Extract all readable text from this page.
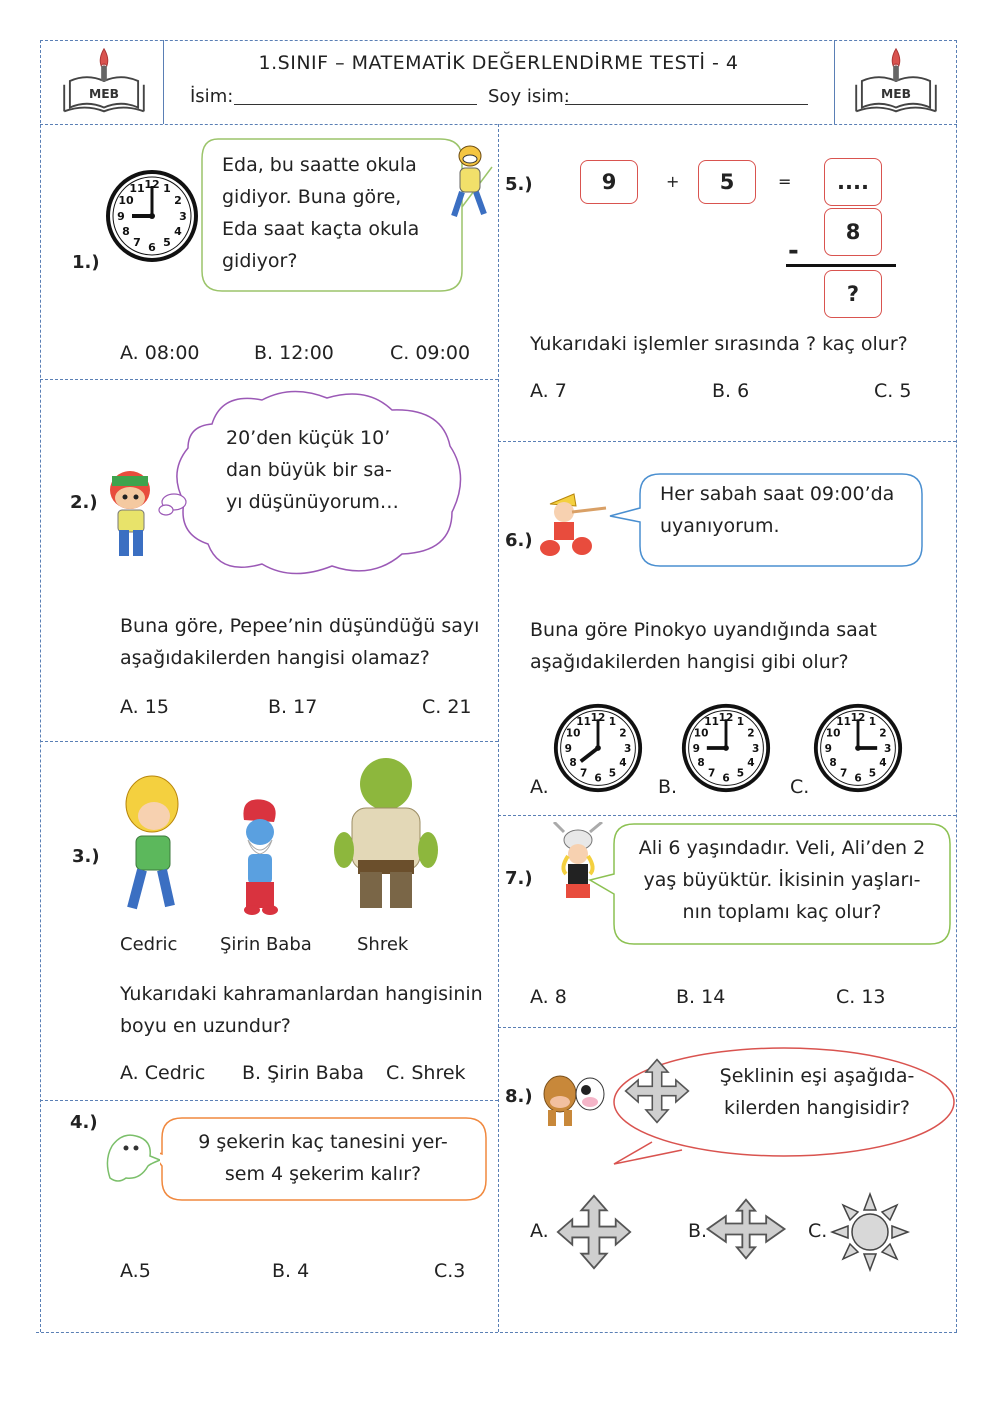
MEB	MEB
1.SINIF – MATEMATİK DEĞERLENDİRME TESTİ - 4
İsim:	Soy isim:
1.)
Eda, bu saatte okula
gidiyor. Buna göre,
Eda saat kaçta okula
gidiyor?
A. 08:00	B. 12:00	C. 09:00
2.)
20’den küçük 10’
dan büyük bir sa-
yı düşünüyorum…
Buna göre, Pepee’nin düşündüğü sayı
aşağıdakilerden hangisi olamaz?
A. 15	B. 17	C. 21
3.)
Cedric Şirin Baba	Shrek
Yukarıdaki kahramanlardan hangisinin
boyu en uzundur?
A. Cedric B. Şirin Baba C. Shrek
4.)
9 şekerin kaç tanesini yer-
sem 4 şekerim kalır?
A.5	B. 4	C.3
5.)	9	+	5	=	....
8
-
?
Yukarıdaki işlemler sırasında ? kaç olur?
A. 7	B. 6	C. 5
6.)
Her sabah saat 09:00’da
uyanıyorum.
Buna göre Pinokyo uyandığında saat
aşağıdakilerden hangisi gibi olur?
A.	B.	C.
7.)
Ali 6 yaşındadır. Veli, Ali’den 2
yaş büyüktür. İkisinin yaşları-
nın toplamı kaç olur?
A. 8	B. 14	C. 13
8.)
Şeklinin eşi aşağıda-
kilerden hangisidir?
A.	B.	C.
